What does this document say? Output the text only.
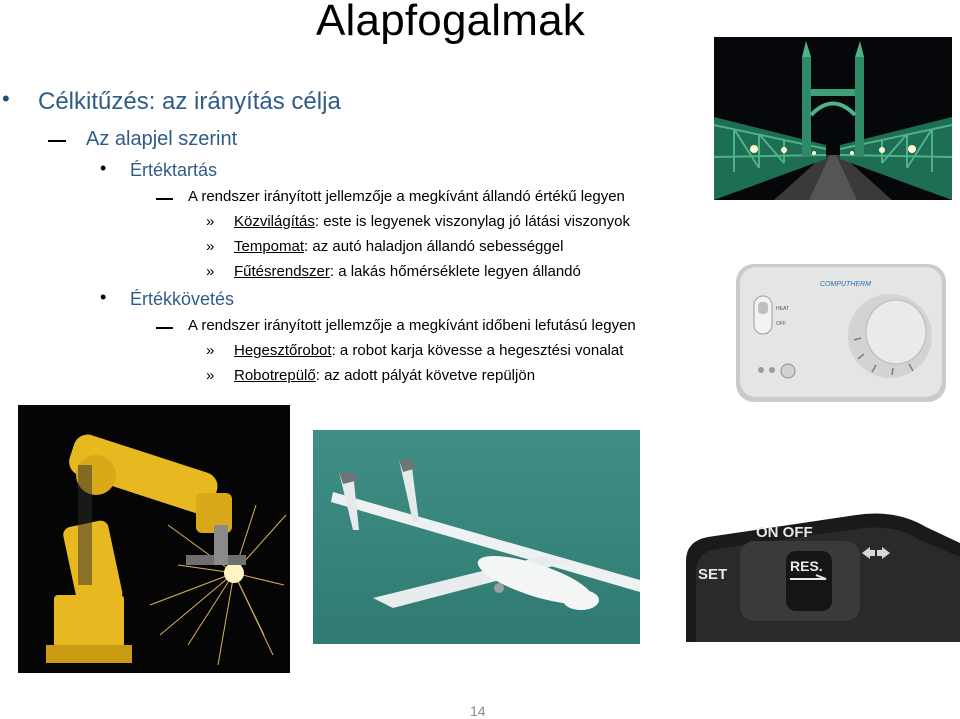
Alapfogalmak
• Célkitűzés: az irányítás célja
Az alapjel szerint
• Értéktartás
A rendszer irányított jellemzője a megkívánt állandó értékű legyen
» Közvilágítás: este is legyenek viszonylag jó látási viszonyok
» Tempomat: az autó haladjon állandó sebességgel
» Fűtésrendszer: a lakás hőmérséklete legyen állandó
• Értékkövetés
A rendszer irányított jellemzője a megkívánt időbeni lefutású legyen
» Hegesztőrobot: a robot karja kövesse a hegesztési vonalat
» Robotrepülő: az adott pályát követve repüljön
HEAT
OFF
COMPUTHERM
ON OFF
SET	RES.
14
